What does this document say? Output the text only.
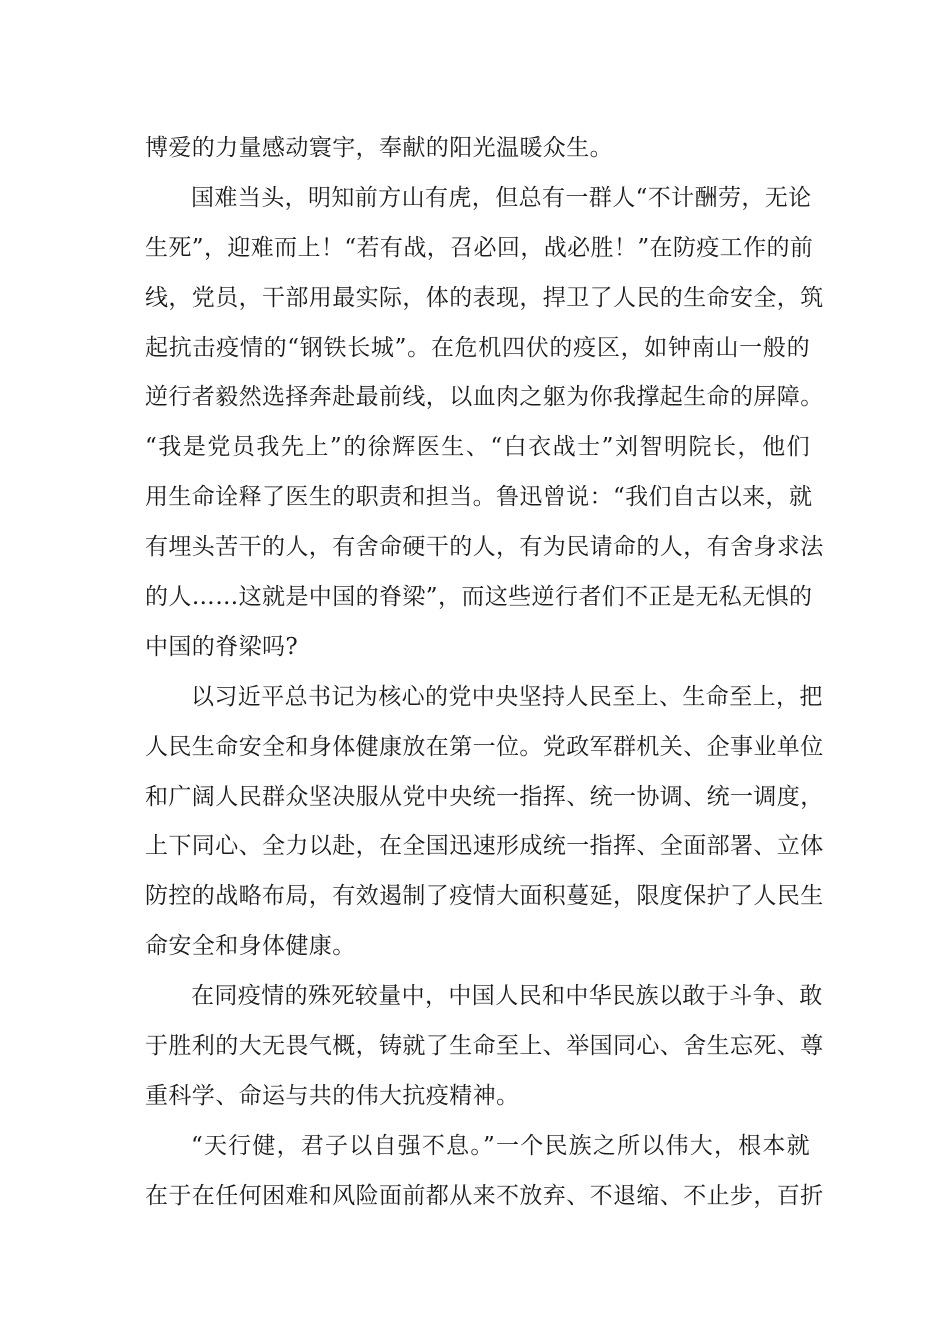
博爱的力量感动寰宇，奉献的阳光温暖众生。
国难当头，明知前方山有虎，但总有一群人“不计酬劳，无论
生死”，迎难而上！“若有战，召必回，战必胜！”在防疫工作的前
线，党员，干部用最实际，体的表现，捍卫了人民的生命安全，筑
起抗击疫情的“钢铁长城”。在危机四伏的疫区，如钟南山一般的
逆行者毅然选择奔赴最前线，以血肉之躯为你我撑起生命的屏障。
“我是党员我先上”的徐辉医生、“白衣战士”刘智明院长，他们
用生命诠释了医生的职责和担当。鲁迅曾说：“我们自古以来，就
有埋头苦干的人，有舍命硬干的人，有为民请命的人，有舍身求法
的人……这就是中国的脊梁”，而这些逆行者们不正是无私无惧的
中国的脊梁吗?
以习近平总书记为核心的党中央坚持人民至上、生命至上，把
人民生命安全和身体健康放在第一位。党政军群机关、企事业单位
和广阔人民群众坚决服从党中央统一指挥、统一协调、统一调度，
上下同心、全力以赴，在全国迅速形成统一指挥、全面部署、立体
防控的战略布局，有效遏制了疫情大面积蔓延，限度保护了人民生
命安全和身体健康。
在同疫情的殊死较量中，中国人民和中华民族以敢于斗争、敢
于胜利的大无畏气概，铸就了生命至上、举国同心、舍生忘死、尊
重科学、命运与共的伟大抗疫精神。
“天行健，君子以自强不息。”一个民族之所以伟大，根本就
在于在任何困难和风险面前都从来不放弃、不退缩、不止步，百折
